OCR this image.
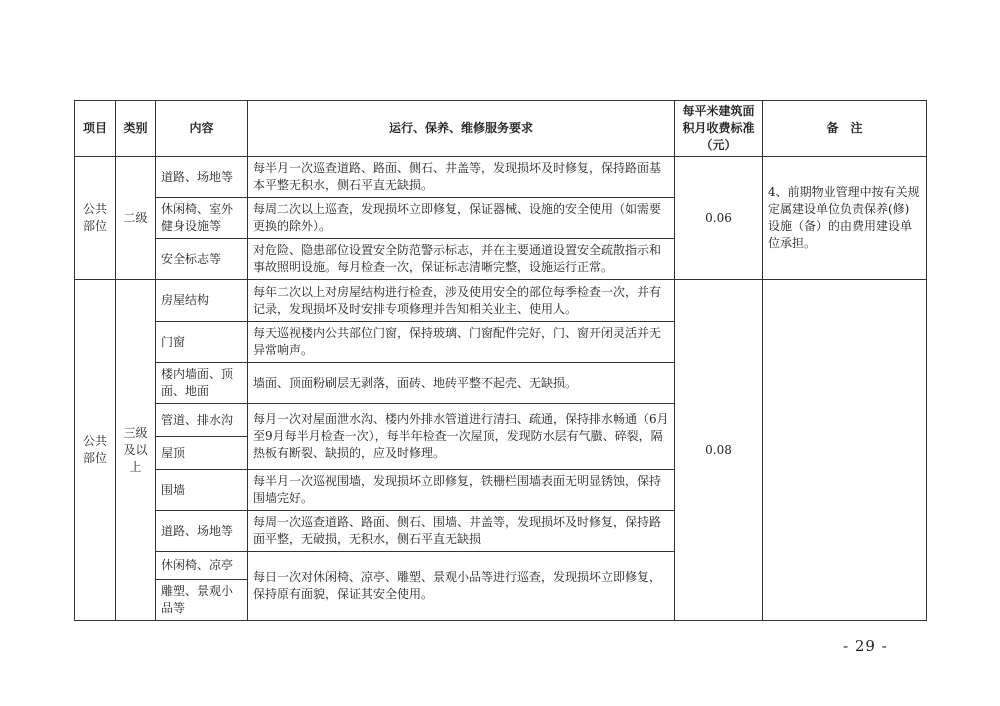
项目	类别	内容	运行、保养、维修服务要求	每平米建筑面积月收费标准（元）	备　注
公共部位	二级	道路、场地等	每半月一次巡查道路、路面、侧石、井盖等，发现损坏及时修复，保持路面基本平整无积水，侧石平直无缺损。	0.06	4、前期物业管理中按有关规定属建设单位负责保养(修)设施（备）的由费用建设单位承担。
		休闲椅、室外健身设施等	每周二次以上巡查，发现损坏立即修复，保证器械、设施的安全使用（如需要更换的除外）。		
		安全标志等	对危险、隐患部位设置安全防范警示标志，并在主要通道设置安全疏散指示和事故照明设施。每月检查一次，保证标志清晰完整，设施运行正常。		
公共部位	三级及以上	房屋结构	每年二次以上对房屋结构进行检查，涉及使用安全的部位每季检查一次，并有记录，发现损坏及时安排专项修理并告知相关业主、使用人。	0.08	
		门窗	每天巡视楼内公共部位门窗，保持玻璃、门窗配件完好，门、窗开闭灵活并无异常响声。		
		楼内墙面、顶面、地面	墙面、顶面粉刷层无剥落，面砖、地砖平整不起壳、无缺损。		
		管道、排水沟	每月一次对屋面泄水沟、楼内外排水管道进行清扫、疏通，保持排水畅通（6月至9月每半月检查一次），每半年检查一次屋顶，发现防水层有气臌、碎裂，隔热板有断裂、缺损的，应及时修理。		
		屋顶			
		围墙	每半月一次巡视围墙，发现损坏立即修复，铁栅栏围墙表面无明显锈蚀，保持围墙完好。		
		道路、场地等	每周一次巡查道路、路面、侧石、围墙、井盖等，发现损坏及时修复，保持路面平整，无破损，无积水，侧石平直无缺损		
		休闲椅、凉亭	每日一次对休闲椅、凉亭、雕塑、景观小品等进行巡查，发现损坏立即修复，保持原有面貌，保证其安全使用。		
		雕塑、景观小品等			
- 29 -
